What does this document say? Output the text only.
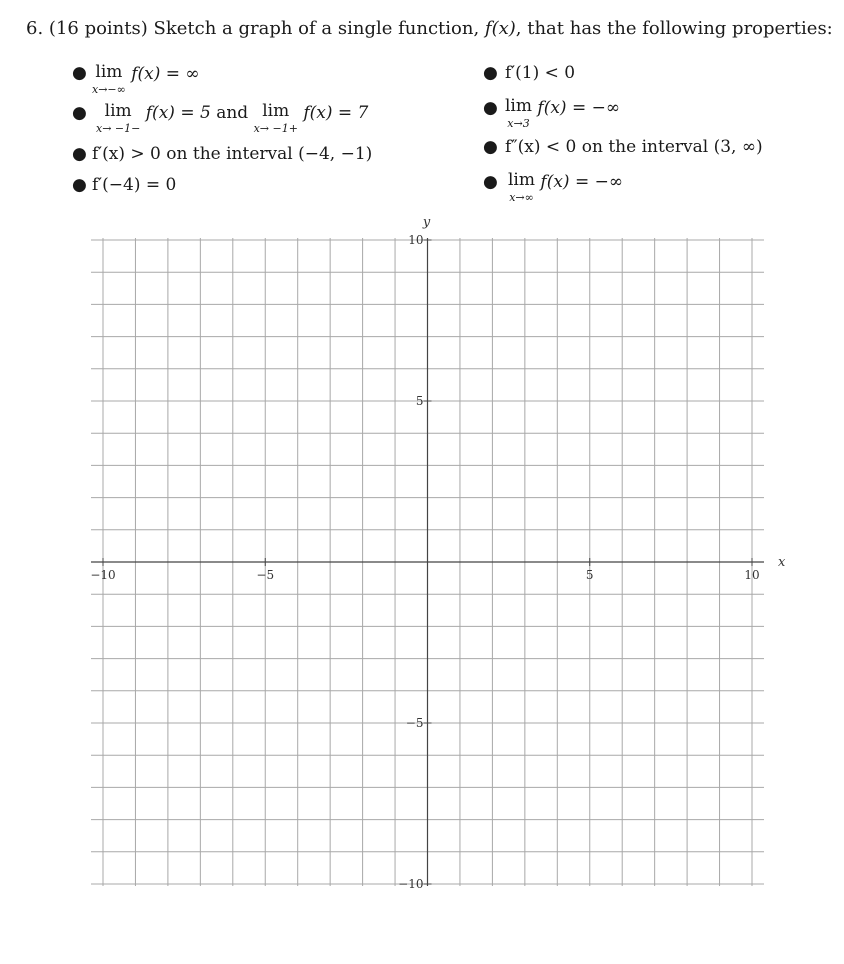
6. (16 points) Sketch a graph of a single function, f(x), that has the following properties:
● lim
x→−∞
f(x) = ∞
●	lim
x→ −1−
f(x) = 5 and lim
x→ −1+
f(x) = 7
● f′(x) > 0 on the interval (−4, −1)
● f′(−4) = 0
● f′(1) < 0
● lim
x→3
f(x) = −∞
● f″(x) < 0 on the interval (3, ∞)
● lim
x→∞
f(x) = −∞
−10	−5	5	10
10
5
−5
−10
x
y
